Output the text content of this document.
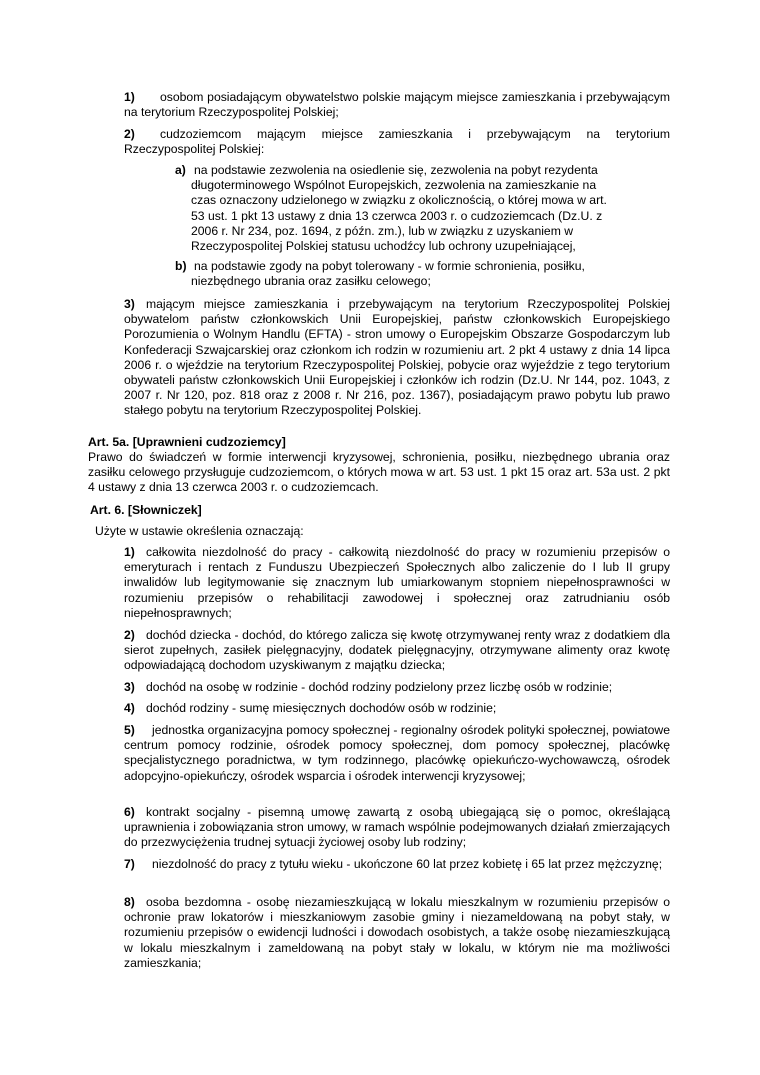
1)	osobom posiadającym obywatelstwo polskie mającym miejsce zamieszkania i przebywającym na terytorium Rzeczypospolitej Polskiej;
2)	cudzoziemcom mającym miejsce zamieszkania i przebywającym na terytorium Rzeczypospolitej Polskiej:
a) na podstawie zezwolenia na osiedlenie się, zezwolenia na pobyt rezydenta długoterminowego Wspólnot Europejskich, zezwolenia na zamieszkanie na czas oznaczony udzielonego w związku z okolicznością, o której mowa w art. 53 ust. 1 pkt 13 ustawy z dnia 13 czerwca 2003 r. o cudzoziemcach (Dz.U. z 2006 r. Nr 234, poz. 1694, z późn. zm.), lub w związku z uzyskaniem w Rzeczypospolitej Polskiej statusu uchodźcy lub ochrony uzupełniającej,
b) na podstawie zgody na pobyt tolerowany - w formie schronienia, posiłku, niezbędnego ubrania oraz zasiłku celowego;
3) mającym miejsce zamieszkania i przebywającym na terytorium Rzeczypospolitej Polskiej obywatelom państw członkowskich Unii Europejskiej, państw członkowskich Europejskiego Porozumienia o Wolnym Handlu (EFTA) - stron umowy o Europejskim Obszarze Gospodarczym lub Konfederacji Szwajcarskiej oraz członkom ich rodzin w rozumieniu art. 2 pkt 4 ustawy z dnia 14 lipca 2006 r. o wjeździe na terytorium Rzeczypospolitej Polskiej, pobycie oraz wyjeździe z tego terytorium obywateli państw członkowskich Unii Europejskiej i członków ich rodzin (Dz.U. Nr 144, poz. 1043, z 2007 r. Nr 120, poz. 818 oraz z 2008 r. Nr 216, poz. 1367), posiadającym prawo pobytu lub prawo stałego pobytu na terytorium Rzeczypospolitej Polskiej.
Art. 5a. [Uprawnieni cudzoziemcy]
Prawo do świadczeń w formie interwencji kryzysowej, schronienia, posiłku, niezbędnego ubrania oraz zasiłku celowego przysługuje cudzoziemcom, o których mowa w art. 53 ust. 1 pkt 15 oraz art. 53a ust. 2 pkt 4 ustawy z dnia 13 czerwca 2003 r. o cudzoziemcach.
Art. 6. [Słowniczek]
Użyte w ustawie określenia oznaczają:
1) całkowita niezdolność do pracy - całkowitą niezdolność do pracy w rozumieniu przepisów o emeryturach i rentach z Funduszu Ubezpieczeń Społecznych albo zaliczenie do I lub II grupy inwalidów lub legitymowanie się znacznym lub umiarkowanym stopniem niepełnosprawności w rozumieniu przepisów o rehabilitacji zawodowej i społecznej oraz zatrudnianiu osób niepełnosprawnych;
2) dochód dziecka - dochód, do którego zalicza się kwotę otrzymywanej renty wraz z dodatkiem dla sierot zupełnych, zasiłek pielęgnacyjny, dodatek pielęgnacyjny, otrzymywane alimenty oraz kwotę odpowiadającą dochodom uzyskiwanym z majątku dziecka;
3) dochód na osobę w rodzinie - dochód rodziny podzielony przez liczbę osób w rodzinie;
4) dochód rodziny - sumę miesięcznych dochodów osób w rodzinie;
5)	jednostka organizacyjna pomocy społecznej - regionalny ośrodek polityki społecznej, powiatowe centrum pomocy rodzinie, ośrodek pomocy społecznej, dom pomocy społecznej, placówkę specjalistycznego poradnictwa, w tym rodzinnego, placówkę opiekuńczo-wychowawczą, ośrodek adopcyjno-opiekuńczy, ośrodek wsparcia i ośrodek interwencji kryzysowej;
6) kontrakt socjalny - pisemną umowę zawartą z osobą ubiegającą się o pomoc, określającą uprawnienia i zobowiązania stron umowy, w ramach wspólnie podejmowanych działań zmierzających do przezwyciężenia trudnej sytuacji życiowej osoby lub rodziny;
7)	niezdolność do pracy z tytułu wieku - ukończone 60 lat przez kobietę i 65 lat przez mężczyznę;
8) osoba bezdomna - osobę niezamieszkującą w lokalu mieszkalnym w rozumieniu przepisów o ochronie praw lokatorów i mieszkaniowym zasobie gminy i niezameldowaną na pobyt stały, w rozumieniu przepisów o ewidencji ludności i dowodach osobistych, a także osobę niezamieszkującą w lokalu mieszkalnym i zameldowaną na pobyt stały w lokalu, w którym nie ma możliwości zamieszkania;
